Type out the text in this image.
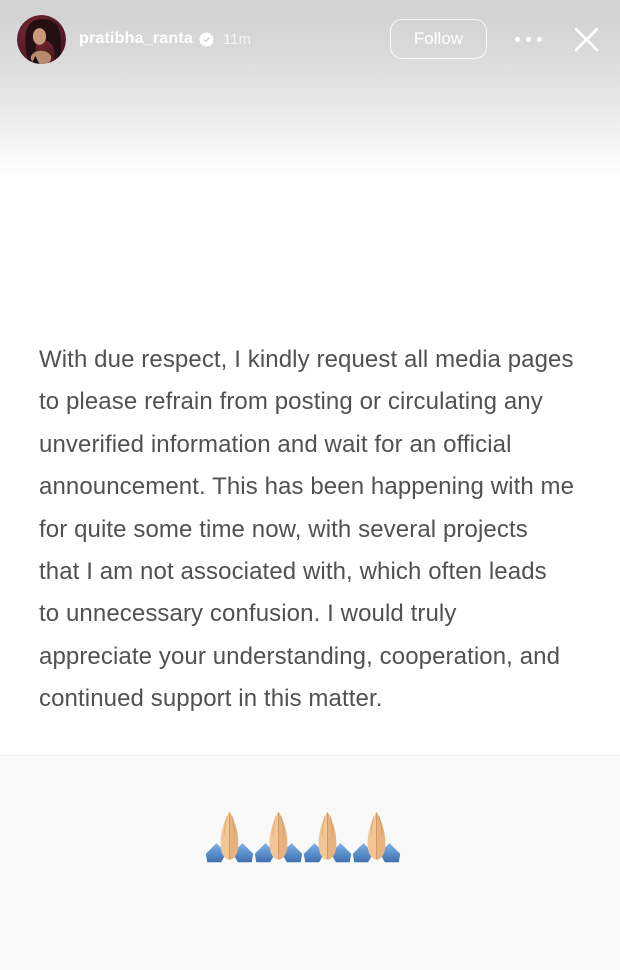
pratibha_ranta 11m	Follow
With due respect, I kindly request all media pages
to please refrain from posting or circulating any
unverified information and wait for an official
announcement. This has been happening with me
for quite some time now, with several projects
that I am not associated with, which often leads
to unnecessary confusion. I would truly
appreciate your understanding, cooperation, and
continued support in this matter.
